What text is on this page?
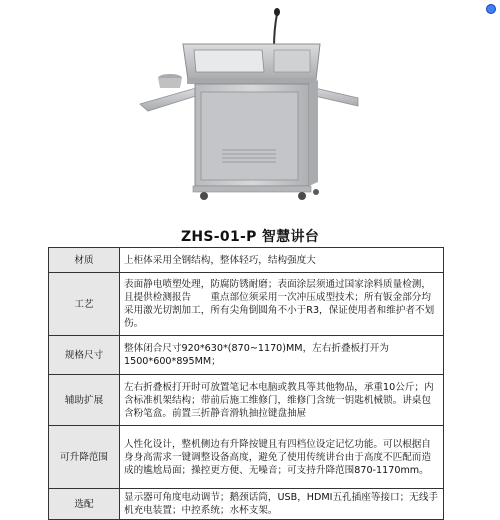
ZHS-01-P 智慧讲台
材质	上柜体采用全钢结构，整体轻巧，结构强度大
工艺	表面静电喷塑处理，防腐防锈耐磨；表面涂层须通过国家涂料质量检测，且提供检测报告　　重点部位须采用一次冲压成型技术；所有钣金部分均采用激光切割加工，所有尖角倒圆角不小于R3，保证使用者和维护者不划伤。
规格尺寸	整体闭合尺寸920*630*(870~1170)MM，左右折叠板打开为1500*600*895MM；
辅助扩展	左右折叠板打开时可放置笔记本电脑或教具等其他物品，承重10公斤；内含标准机架结构；带前后施工维修门，维修门含统一钥匙机械锁。讲桌包含粉笔盒。前置三折静音滑轨抽拉键盘抽屉
可升降范围	人性化设计，整机侧边有升降按键且有四档位设定记忆功能。可以根据自身身高需求一键调整设备高度，避免了使用传统讲台由于高度不匹配而造成的尴尬局面；操控更方便、无噪音；可支持升降范围870-1170mm。
选配	显示器可角度电动调节；鹅颈话筒，USB，HDMI五孔插座等接口；无线手机充电装置；中控系统；水杯支架。
